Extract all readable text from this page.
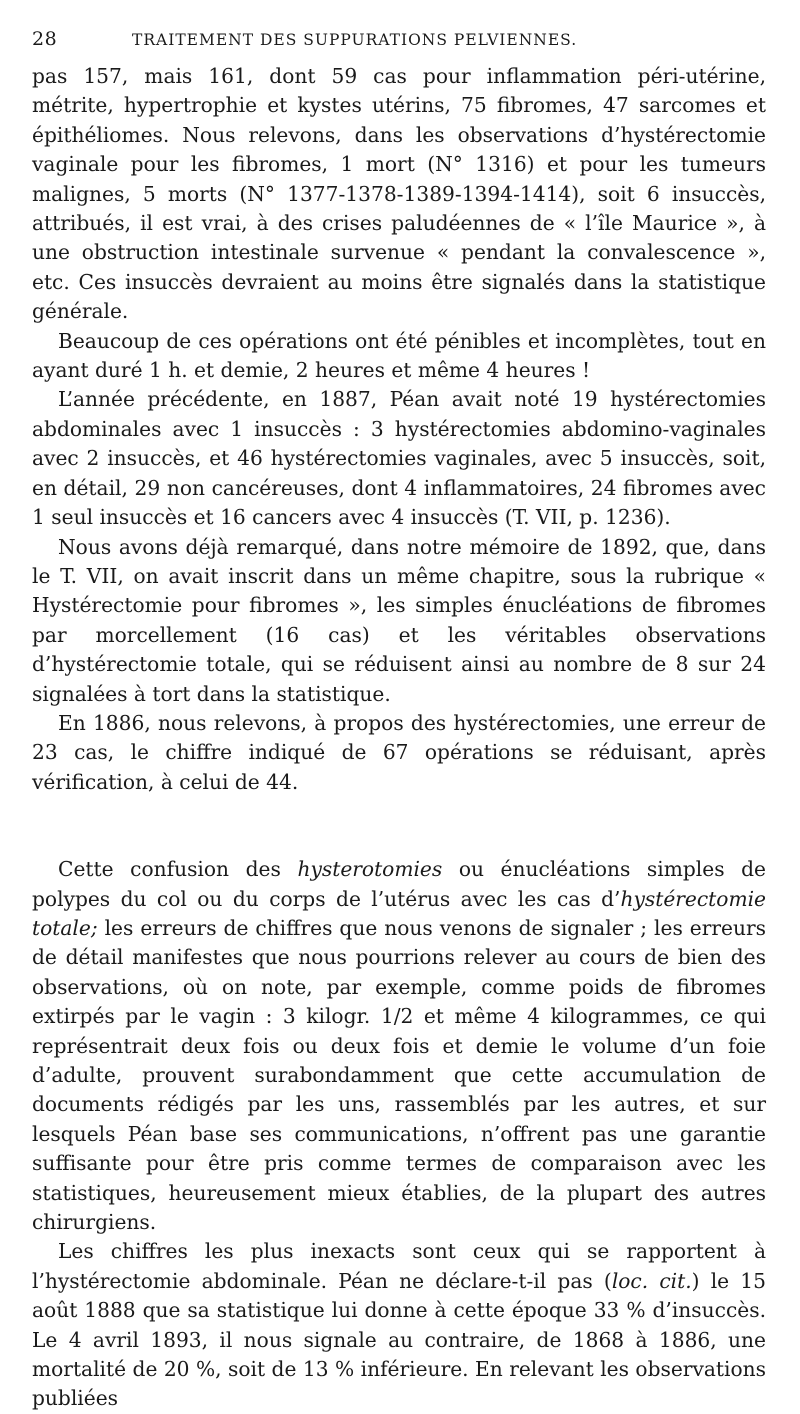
28	TRAITEMENT DES SUPPURATIONS PELVIENNES.

pas 157, mais 161, dont 59 cas pour inflammation péri-utérine, métrite, hypertrophie et kystes utérins, 75 fibromes, 47 sarcomes et épithéliomes. Nous relevons, dans les observations d’hystérectomie vaginale pour les fibromes, 1 mort (N° 1316) et pour les tumeurs malignes, 5 morts (N° 1377-1378-1389-1394-1414), soit 6 insuccès, attribués, il est vrai, à des crises paludéennes de « l’île Maurice », à une obstruction intestinale survenue « pendant la convalescence », etc. Ces insuccès devraient au moins être signalés dans la statistique générale.

Beaucoup de ces opérations ont été pénibles et incomplètes, tout en ayant duré 1 h. et demie, 2 heures et même 4 heures !

L’année précédente, en 1887, Péan avait noté 19 hystérectomies abdominales avec 1 insuccès : 3 hystérectomies abdomino-vaginales avec 2 insuccès, et 46 hystérectomies vaginales, avec 5 insuccès, soit, en détail, 29 non cancéreuses, dont 4 inflammatoires, 24 fibromes avec 1 seul insuccès et 16 cancers avec 4 insuccès (T. VII, p. 1236).

Nous avons déjà remarqué, dans notre mémoire de 1892, que, dans le T. VII, on avait inscrit dans un même chapitre, sous la rubrique « Hystérectomie pour fibromes », les simples énucléations de fibromes par morcellement (16 cas) et les véritables observations d’hystérectomie totale, qui se réduisent ainsi au nombre de 8 sur 24 signalées à tort dans la statistique.

En 1886, nous relevons, à propos des hystérectomies, une erreur de 23 cas, le chiffre indiqué de 67 opérations se réduisant, après vérification, à celui de 44.

Cette confusion des hysterotomies ou énucléations simples de polypes du col ou du corps de l’utérus avec les cas d’hystérectomie totale; les erreurs de chiffres que nous venons de signaler ; les erreurs de détail manifestes que nous pourrions relever au cours de bien des observations, où on note, par exemple, comme poids de fibromes extirpés par le vagin : 3 kilogr. 1/2 et même 4 kilogrammes, ce qui représentrait deux fois ou deux fois et demie le volume d’un foie d’adulte, prouvent surabondamment que cette accumulation de documents rédigés par les uns, rassemblés par les autres, et sur lesquels Péan base ses communications, n’offrent pas une garantie suffisante pour être pris comme termes de comparaison avec les statistiques, heureusement mieux établies, de la plupart des autres chirurgiens.

Les chiffres les plus inexacts sont ceux qui se rapportent à l’hystérectomie abdominale. Péan ne déclare-t-il pas (loc. cit.) le 15 août 1888 que sa statistique lui donne à cette époque 33 % d’insuccès. Le 4 avril 1893, il nous signale au contraire, de 1868 à 1886, une mortalité de 20 %, soit de 13 % inférieure. En relevant les observations publiées
